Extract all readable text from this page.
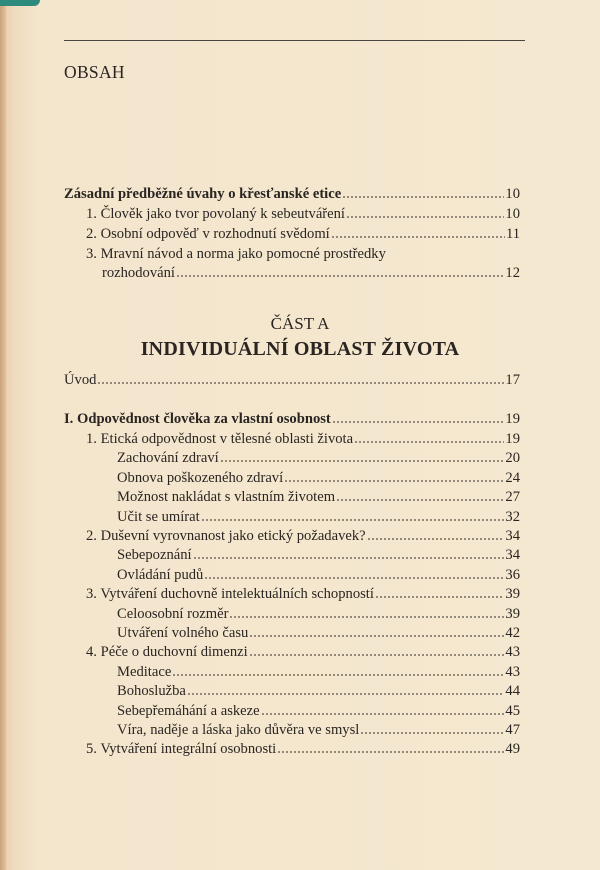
OBSAH
Zásadní předběžné úvahy o křesťanské etice	10
1. Člověk jako tvor povolaný k sebeutváření	10
2. Osobní odpověď v rozhodnutí svědomí	11
3. Mravní návod a norma jako pomocné prostředky
rozhodování	12
ČÁST A
INDIVIDUÁLNÍ OBLAST ŽIVOTA
Úvod	17
I. Odpovědnost člověka za vlastní osobnost	19
1. Etická odpovědnost v tělesné oblasti života	19
Zachování zdraví	20
Obnova poškozeného zdraví	24
Možnost nakládat s vlastním životem	27
Učit se umírat	32
2. Duševní vyrovnanost jako etický požadavek?	34
Sebepoznání	34
Ovládání pudů	36
3. Vytváření duchovně intelektuálních schopností	39
Celoosobní rozměr	39
Utváření volného času	42
4. Péče o duchovní dimenzi	43
Meditace	43
Bohoslužba	44
Sebepřemáhání a askeze	45
Víra, naděje a láska jako důvěra ve smysl	47
5. Vytváření integrální osobnosti	49
